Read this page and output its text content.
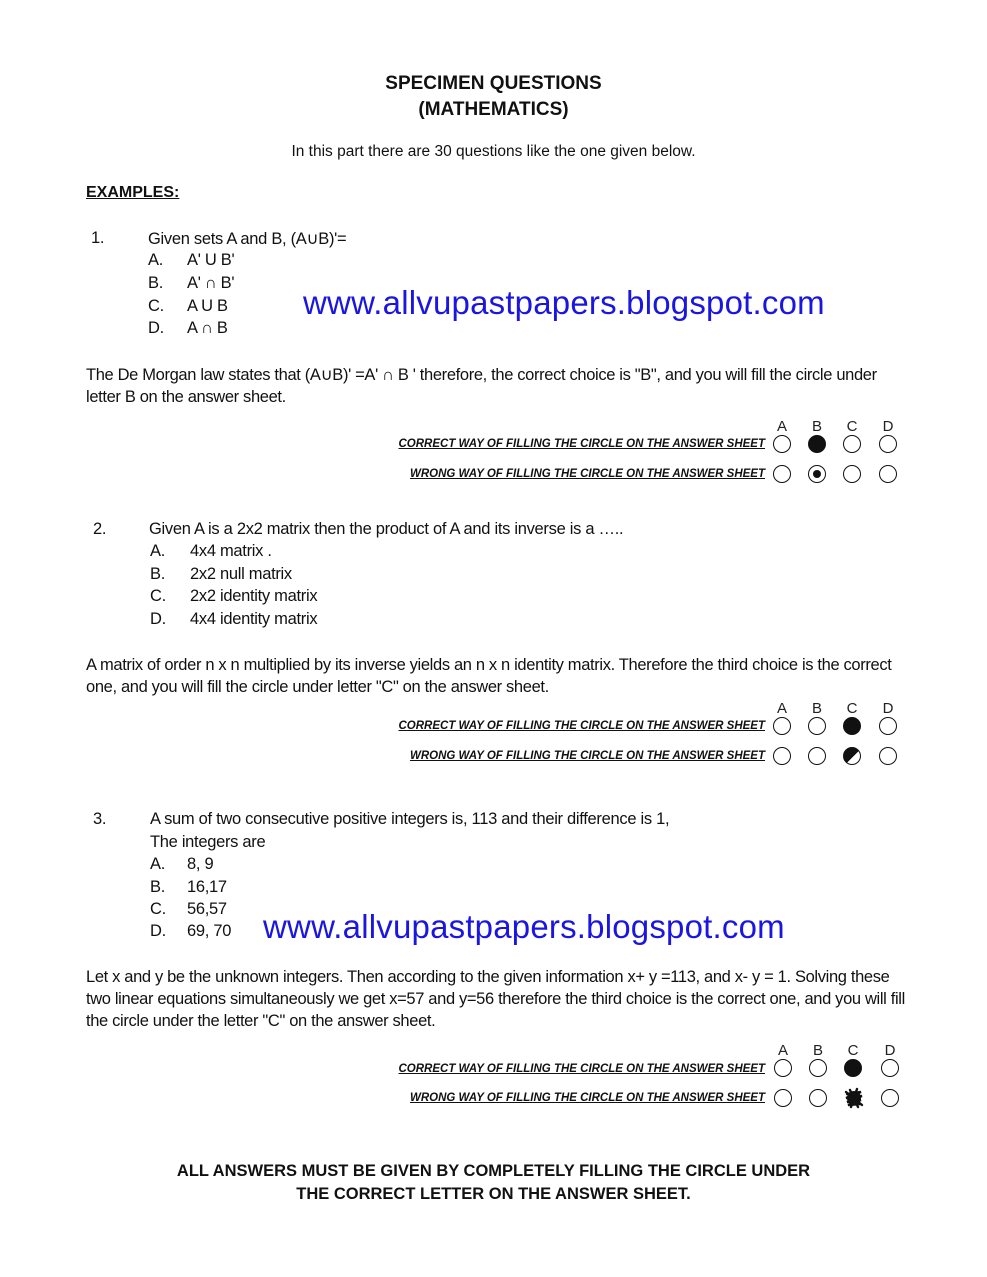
SPECIMEN QUESTIONS
(MATHEMATICS)
In this part there are 30 questions like the one given below.
EXAMPLES:
1.	Given sets A and B, (A∪B)'=
A. A' U B'
B. A' ∩ B'
C. A U B
D. A ∩ B
www.allvupastpapers.blogspot.com
The De Morgan law states that (A∪B)' =A' ∩ B ' therefore, the correct choice is "B", and you will fill the circle under letter B on the answer sheet.
A	B	C	D
CORRECT WAY OF FILLING THE CIRCLE ON THE ANSWER SHEET
WRONG WAY OF FILLING THE CIRCLE ON THE ANSWER SHEET
2.	Given A is a 2x2 matrix then the product of A and its inverse is a …..
A. 4x4 matrix .
B. 2x2 null matrix
C. 2x2 identity matrix
D. 4x4 identity matrix
A matrix of order n x n multiplied by its inverse yields an n x n identity matrix. Therefore the third choice is the correct one, and you will fill the circle under letter "C" on the answer sheet.
A	B	C	D
CORRECT WAY OF FILLING THE CIRCLE ON THE ANSWER SHEET
WRONG WAY OF FILLING THE CIRCLE ON THE ANSWER SHEET
3.	A sum of two consecutive positive integers is, 113 and their difference is 1,
The integers are
A. 8, 9
B. 16,17
C. 56,57
D. 69, 70 www.allvupastpapers.blogspot.com
Let x and y be the unknown integers. Then according to the given information x+ y =113, and x- y = 1. Solving these two linear equations simultaneously we get x=57 and y=56 therefore the third choice is the correct one, and you will fill the circle under the letter "C" on the answer sheet.
A	B	C	D
CORRECT WAY OF FILLING THE CIRCLE ON THE ANSWER SHEET
WRONG WAY OF FILLING THE CIRCLE ON THE ANSWER SHEET
ALL ANSWERS MUST BE GIVEN BY COMPLETELY FILLING THE CIRCLE UNDER
THE CORRECT LETTER ON THE ANSWER SHEET.
